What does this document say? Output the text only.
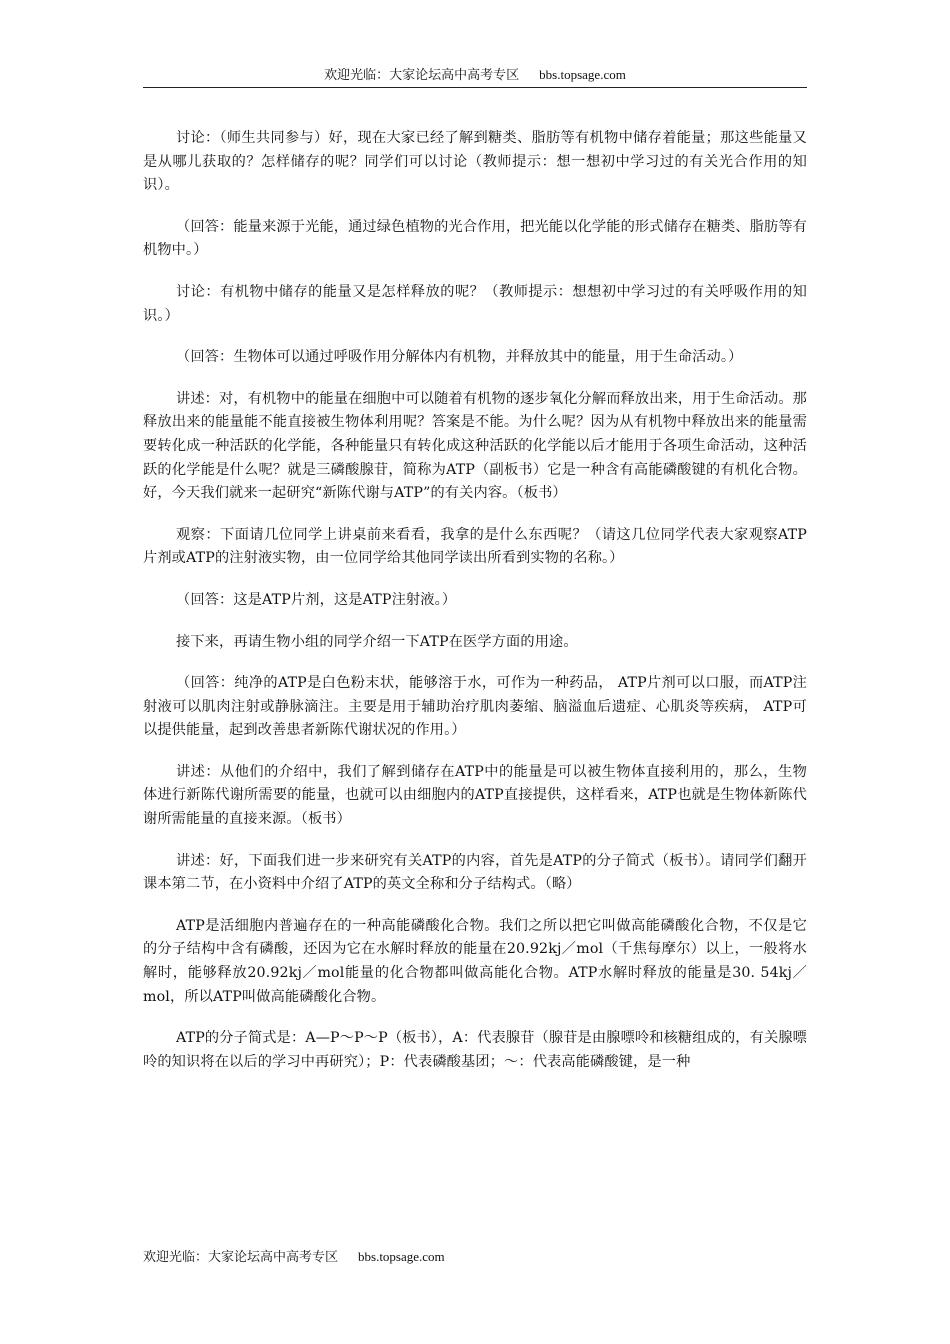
欢迎光临：大家论坛高中高考专区 bbs.topsage.com

讨论：（师生共同参与）好，现在大家已经了解到糖类、脂肪等有机物中储存着能量；那这些能量又是从哪儿获取的？怎样储存的呢？同学们可以讨论（教师提示：想一想初中学习过的有关光合作用的知识）。

（回答：能量来源于光能，通过绿色植物的光合作用，把光能以化学能的形式储存在糖类、脂肪等有机物中。）

讨论：有机物中储存的能量又是怎样释放的呢？（教师提示：想想初中学习过的有关呼吸作用的知识。）

（回答：生物体可以通过呼吸作用分解体内有机物，并释放其中的能量，用于生命活动。）

讲述：对，有机物中的能量在细胞中可以随着有机物的逐步氧化分解而释放出来，用于生命活动。那释放出来的能量能不能直接被生物体利用呢？答案是不能。为什么呢？因为从有机物中释放出来的能量需要转化成一种活跃的化学能，各种能量只有转化成这种活跃的化学能以后才能用于各项生命活动，这种活跃的化学能是什么呢？就是三磷酸腺苷，简称为ATP（副板书）它是一种含有高能磷酸键的有机化合物。好，今天我们就来一起研究“新陈代谢与ATP”的有关内容。（板书）

观察：下面请几位同学上讲桌前来看看，我拿的是什么东西呢？（请这几位同学代表大家观察ATP片剂或ATP的注射液实物，由一位同学给其他同学读出所看到实物的名称。）

（回答：这是ATP片剂，这是ATP注射液。）

接下来，再请生物小组的同学介绍一下ATP在医学方面的用途。

（回答：纯净的ATP是白色粉末状，能够溶于水，可作为一种药品， ATP片剂可以口服，而ATP注射液可以肌肉注射或静脉滴注。主要是用于辅助治疗肌肉萎缩、脑溢血后遗症、心肌炎等疾病， ATP可以提供能量，起到改善患者新陈代谢状况的作用。）

讲述：从他们的介绍中，我们了解到储存在ATP中的能量是可以被生物体直接利用的，那么，生物体进行新陈代谢所需要的能量，也就可以由细胞内的ATP直接提供，这样看来，ATP也就是生物体新陈代谢所需能量的直接来源。（板书）

讲述：好，下面我们进一步来研究有关ATP的内容，首先是ATP的分子简式（板书）。请同学们翻开课本第二节，在小资料中介绍了ATP的英文全称和分子结构式。（略）

ATP是活细胞内普遍存在的一种高能磷酸化合物。我们之所以把它叫做高能磷酸化合物，不仅是它的分子结构中含有磷酸，还因为它在水解时释放的能量在20.92kj／mol（千焦每摩尔）以上，一般将水解时，能够释放20.92kj／mol能量的化合物都叫做高能化合物。ATP水解时释放的能量是30. 54kj／mol，所以ATP叫做高能磷酸化合物。

ATP的分子简式是：A—P～P～P（板书），A：代表腺苷（腺苷是由腺嘌呤和核糖组成的，有关腺嘌呤的知识将在以后的学习中再研究）；P：代表磷酸基团；～：代表高能磷酸键，是一种

欢迎光临：大家论坛高中高考专区 bbs.topsage.com
